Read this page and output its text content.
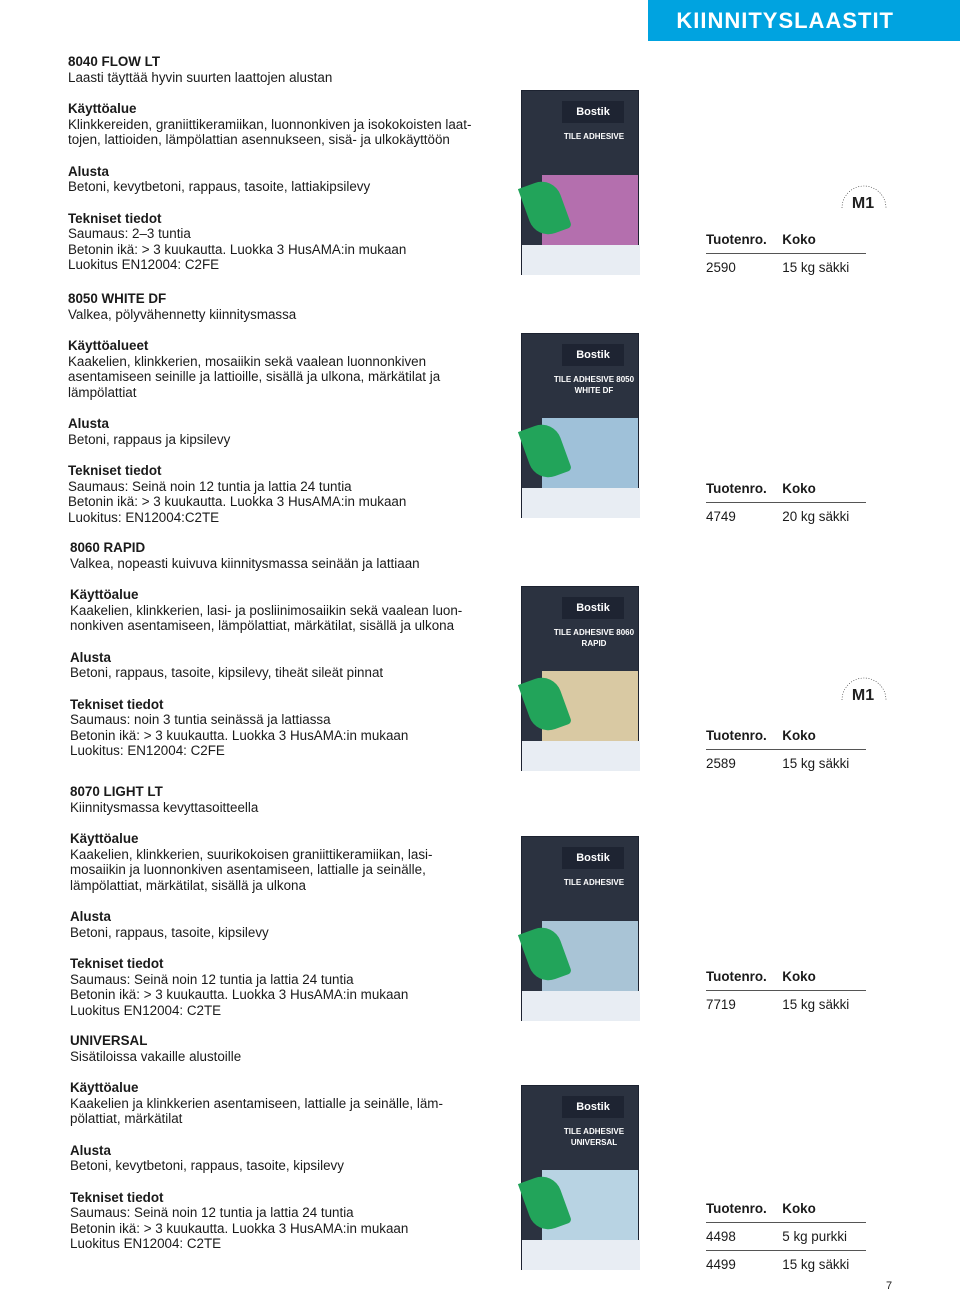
KIINNITYSLAASTIT
8040 FLOW LT
Laasti täyttää hyvin suurten laattojen alustan
Käyttöalue
Klinkkereiden, graniittikeramiikan, luonnonkiven ja isokokoisten laat-
tojen, lattioiden, lämpölattian asennukseen, sisä- ja ulkokäyttöön
Alusta
Betoni, kevytbetoni, rappaus, tasoite, lattiakipsilevy
Tekniset tiedot
Saumaus: 2–3 tuntia
Betonin ikä: > 3 kuukautta. Luokka 3 HusAMA:in mukaan
Luokitus EN12004: C2FE
Bostik
TILE ADHESIVE
Tuotenro.	Koko
2590	15 kg säkki
M1
8050 WHITE DF
Valkea, pölyvähennetty kiinnitysmassa
Käyttöalueet
Kaakelien, klinkkerien, mosaiikin sekä vaalean luonnonkiven
asentamiseen seinille ja lattioille, sisällä ja ulkona, märkätilat ja
lämpölattiat
Alusta
Betoni, rappaus ja kipsilevy
Tekniset tiedot
Saumaus: Seinä noin 12 tuntia ja lattia 24 tuntia
Betonin ikä: > 3 kuukautta. Luokka 3 HusAMA:in mukaan
Luokitus: EN12004:C2TE
Bostik
TILE ADHESIVE 8050 WHITE DF
Tuotenro.	Koko
4749	20 kg säkki
8060 RAPID
Valkea, nopeasti kuivuva kiinnitysmassa seinään ja lattiaan
Käyttöalue
Kaakelien, klinkkerien, lasi- ja posliinimosaiikin sekä vaalean luon-
nonkiven asentamiseen, lämpölattiat, märkätilat, sisällä ja ulkona
Alusta
Betoni, rappaus, tasoite, kipsilevy, tiheät sileät pinnat
Tekniset tiedot
Saumaus: noin 3 tuntia seinässä ja lattiassa
Betonin ikä: > 3 kuukautta. Luokka 3 HusAMA:in mukaan
Luokitus: EN12004: C2FE
Bostik
TILE ADHESIVE 8060 RAPID
Tuotenro.	Koko
2589	15 kg säkki
M1
8070 LIGHT LT
Kiinnitysmassa kevyttasoitteella
Käyttöalue
Kaakelien, klinkkerien, suurikokoisen graniittikeramiikan, lasi-
mosaiikin ja luonnonkiven asentamiseen, lattialle ja seinälle,
lämpölattiat, märkätilat, sisällä ja ulkona
Alusta
Betoni, rappaus, tasoite, kipsilevy
Tekniset tiedot
Saumaus: Seinä noin 12 tuntia ja lattia 24 tuntia
Betonin ikä: > 3 kuukautta. Luokka 3 HusAMA:in mukaan
Luokitus EN12004: C2TE
Bostik
TILE ADHESIVE
Tuotenro.	Koko
7719	15 kg säkki
UNIVERSAL
Sisätiloissa vakaille alustoille
Käyttöalue
Kaakelien ja klinkkerien asentamiseen, lattialle ja seinälle, läm-
pölattiat, märkätilat
Alusta
Betoni, kevytbetoni, rappaus, tasoite, kipsilevy
Tekniset tiedot
Saumaus: Seinä noin 12 tuntia ja lattia 24 tuntia
Betonin ikä: > 3 kuukautta. Luokka 3 HusAMA:in mukaan
Luokitus EN12004: C2TE
Bostik
TILE ADHESIVE UNIVERSAL
Tuotenro.	Koko
4498	5 kg purkki
4499	15 kg säkki
7
